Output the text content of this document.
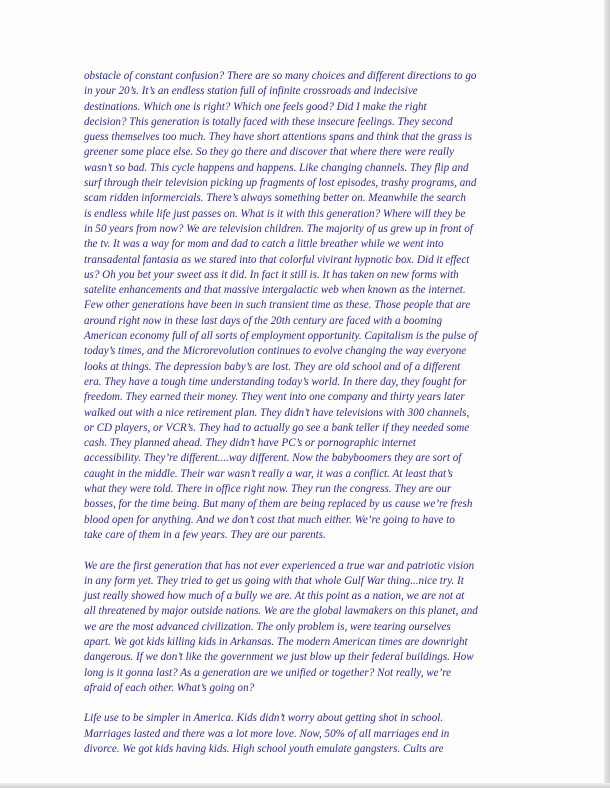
obstacle of constant confusion? There are so many choices and different directions to go
in your 20’s. It’s an endless station full of infinite crossroads and indecisive
destinations. Which one is right? Which one feels good? Did I make the right
decision? This generation is totally faced with these insecure feelings. They second
guess themselves too much. They have short attentions spans and think that the grass is
greener some place else. So they go there and discover that where there were really
wasn’t so bad. This cycle happens and happens. Like changing channels. They flip and
surf through their television picking up fragments of lost episodes, trashy programs, and
scam ridden informercials. There’s always something better on. Meanwhile the search
is endless while life just passes on. What is it with this generation? Where will they be
in 50 years from now? We are television children. The majority of us grew up in front of
the tv. It was a way for mom and dad to catch a little breather while we went into
transadental fantasia as we stared into that colorful vivirant hypnotic box. Did it effect
us? Oh you bet your sweet ass it did. In fact it still is. It has taken on new forms with
satelite enhancements and that massive intergalactic web when known as the internet.
Few other generations have been in such transient time as these. Those people that are
around right now in these last days of the 20th century are faced with a booming
American economy full of all sorts of employment opportunity. Capitalism is the pulse of
today’s times, and the Microrevolution continues to evolve changing the way everyone
looks at things. The depression baby’s are lost. They are old school and of a different
era. They have a tough time understanding today’s world. In there day, they fought for
freedom. They earned their money. They went into one company and thirty years later
walked out with a nice retirement plan. They didn’t have televisions with 300 channels,
or CD players, or VCR’s. They had to actually go see a bank teller if they needed some
cash. They planned ahead. They didn’t have PC’s or pornographic internet
accessibility. They’re different....way different. Now the babyboomers they are sort of
caught in the middle. Their war wasn’t really a war, it was a conflict. At least that’s
what they were told. There in office right now. They run the congress. They are our
bosses, for the time being. But many of them are being replaced by us cause we’re fresh
blood open for anything. And we don’t cost that much either. We’re going to have to
take care of them in a few years. They are our parents.
We are the first generation that has not ever experienced a true war and patriotic vision
in any form yet. They tried to get us going with that whole Gulf War thing...nice try. It
just really showed how much of a bully we are. At this point as a nation, we are not at
all threatened by major outside nations. We are the global lawmakers on this planet, and
we are the most advanced civilization. The only problem is, were tearing ourselves
apart. We got kids killing kids in Arkansas. The modern American times are downright
dangerous. If we don’t like the government we just blow up their federal buildings. How
long is it gonna last? As a generation are we unified or together? Not really, we’re
afraid of each other. What’s going on?
Life use to be simpler in America. Kids didn’t worry about getting shot in school.
Marriages lasted and there was a lot more love. Now, 50% of all marriages end in
divorce. We got kids having kids. High school youth emulate gangsters. Cults are
